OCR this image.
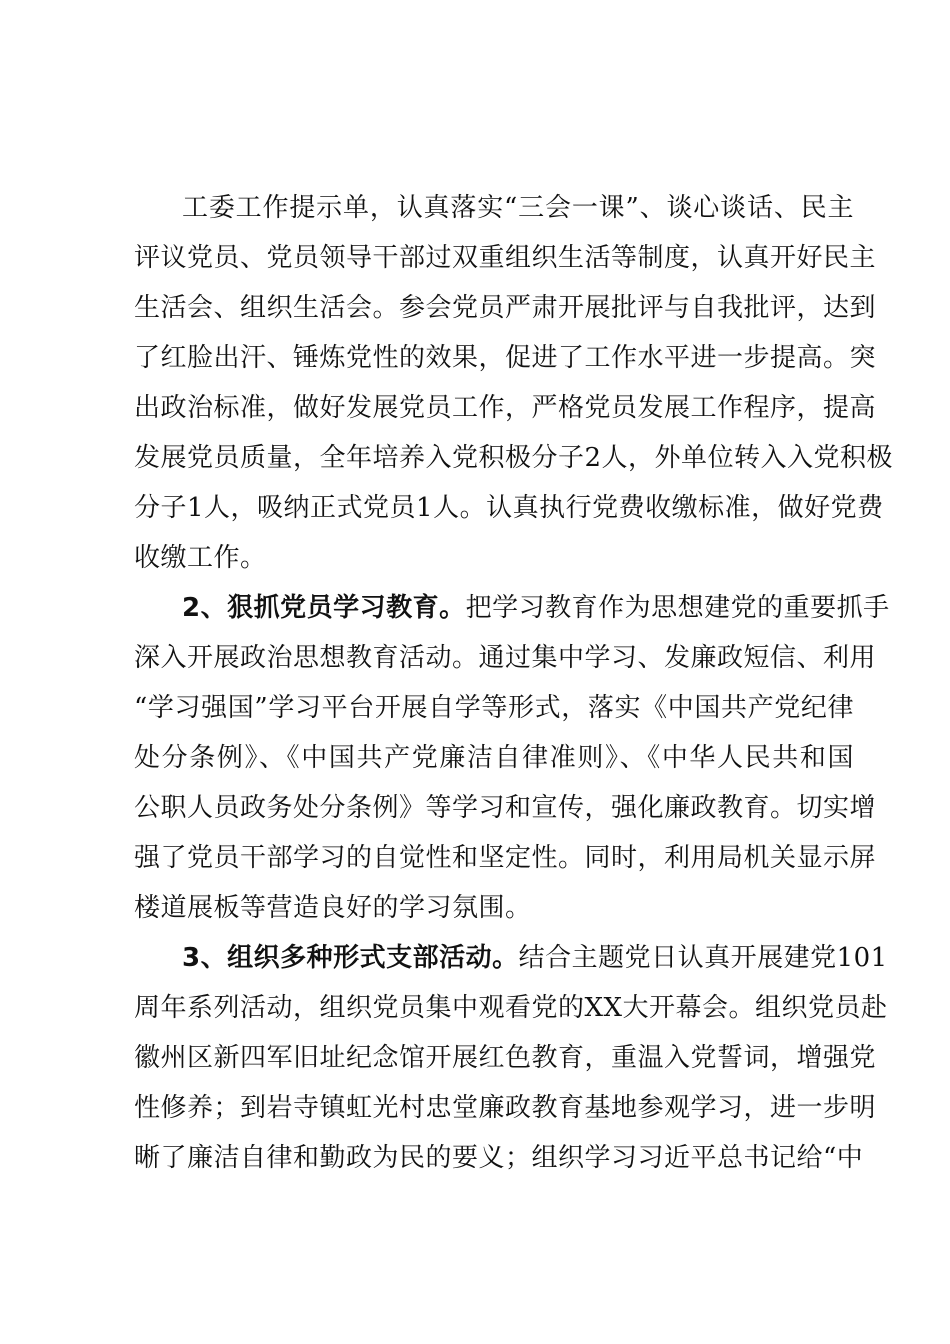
工委工作提示单，认真落实“三会一课”、谈心谈话、民主
评议党员、党员领导干部过双重组织生活等制度，认真开好民主
生活会、组织生活会。参会党员严肃开展批评与自我批评，达到
了红脸出汗、锤炼党性的效果，促进了工作水平进一步提高。突
出政治标准，做好发展党员工作，严格党员发展工作程序，提高
发展党员质量，全年培养入党积极分子2人，外单位转入入党积极
分子1人，吸纳正式党员1人。认真执行党费收缴标准，做好党费
收缴工作。
2、狠抓党员学习教育。把学习教育作为思想建党的重要抓手
深入开展政治思想教育活动。通过集中学习、发廉政短信、利用
“学习强国”学习平台开展自学等形式，落实《中国共产党纪律
处分条例》、《中国共产党廉洁自律准则》、《中华人民共和国
公职人员政务处分条例》等学习和宣传，强化廉政教育。切实增
强了党员干部学习的自觉性和坚定性。同时，利用局机关显示屏
楼道展板等营造良好的学习氛围。
3、组织多种形式支部活动。结合主题党日认真开展建党101
周年系列活动，组织党员集中观看党的XX大开幕会。组织党员赴
徽州区新四军旧址纪念馆开展红色教育，重温入党誓词，增强党
性修养；到岩寺镇虹光村忠堂廉政教育基地参观学习，进一步明
晰了廉洁自律和勤政为民的要义；组织学习习近平总书记给“中
